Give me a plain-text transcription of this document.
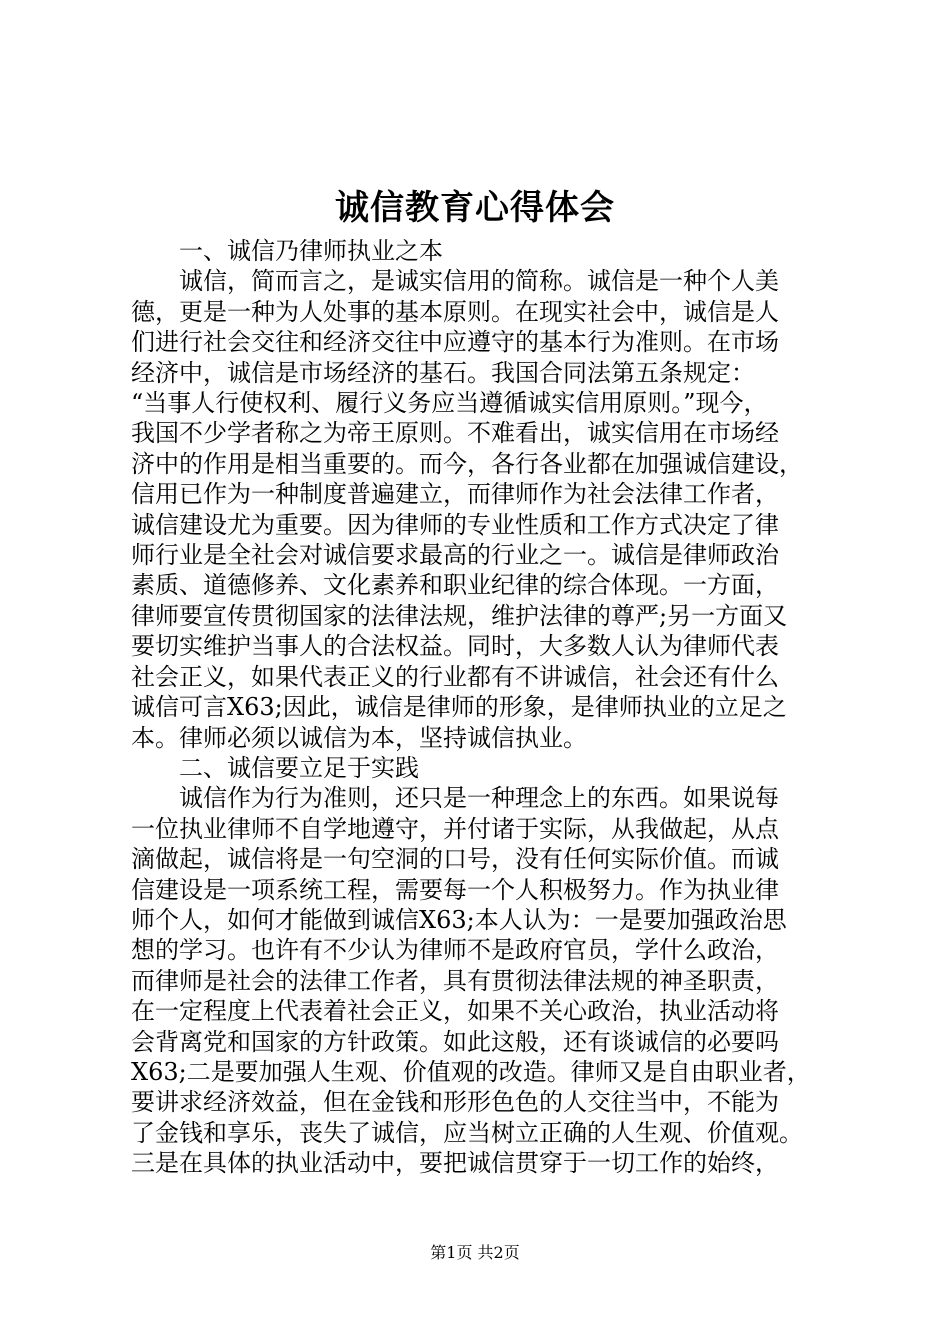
诚信教育心得体会

一、诚信乃律师执业之本

　　诚信，简而言之，是诚实信用的简称。诚信是一种个人美

德，更是一种为人处事的基本原则。在现实社会中，诚信是人

们进行社会交往和经济交往中应遵守的基本行为准则。在市场

经济中，诚信是市场经济的基石。我国合同法第五条规定：

“当事人行使权利、履行义务应当遵循诚实信用原则。”现今，

我国不少学者称之为帝王原则。不难看出，诚实信用在市场经

济中的作用是相当重要的。而今，各行各业都在加强诚信建设，

信用已作为一种制度普遍建立，而律师作为社会法律工作者，

诚信建设尤为重要。因为律师的专业性质和工作方式决定了律

师行业是全社会对诚信要求最高的行业之一。诚信是律师政治

素质、道德修养、文化素养和职业纪律的综合体现。一方面，

律师要宣传贯彻国家的法律法规，维护法律的尊严;另一方面又

要切实维护当事人的合法权益。同时，大多数人认为律师代表

社会正义，如果代表正义的行业都有不讲诚信，社会还有什么

诚信可言X63;因此，诚信是律师的形象，是律师执业的立足之

本。律师必须以诚信为本，坚持诚信执业。

二、诚信要立足于实践

　　诚信作为行为准则，还只是一种理念上的东西。如果说每

一位执业律师不自学地遵守，并付诸于实际，从我做起，从点

滴做起，诚信将是一句空洞的口号，没有任何实际价值。而诚

信建设是一项系统工程，需要每一个人积极努力。作为执业律

师个人，如何才能做到诚信X63;本人认为：一是要加强政治思

想的学习。也许有不少认为律师不是政府官员，学什么政治，

而律师是社会的法律工作者，具有贯彻法律法规的神圣职责，

在一定程度上代表着社会正义，如果不关心政治，执业活动将

会背离党和国家的方针政策。如此这般，还有谈诚信的必要吗

X63;二是要加强人生观、价值观的改造。律师又是自由职业者，

要讲求经济效益，但在金钱和形形色色的人交往当中，不能为

了金钱和享乐，丧失了诚信，应当树立正确的人生观、价值观。

三是在具体的执业活动中，要把诚信贯穿于一切工作的始终，

第1页 共2页
